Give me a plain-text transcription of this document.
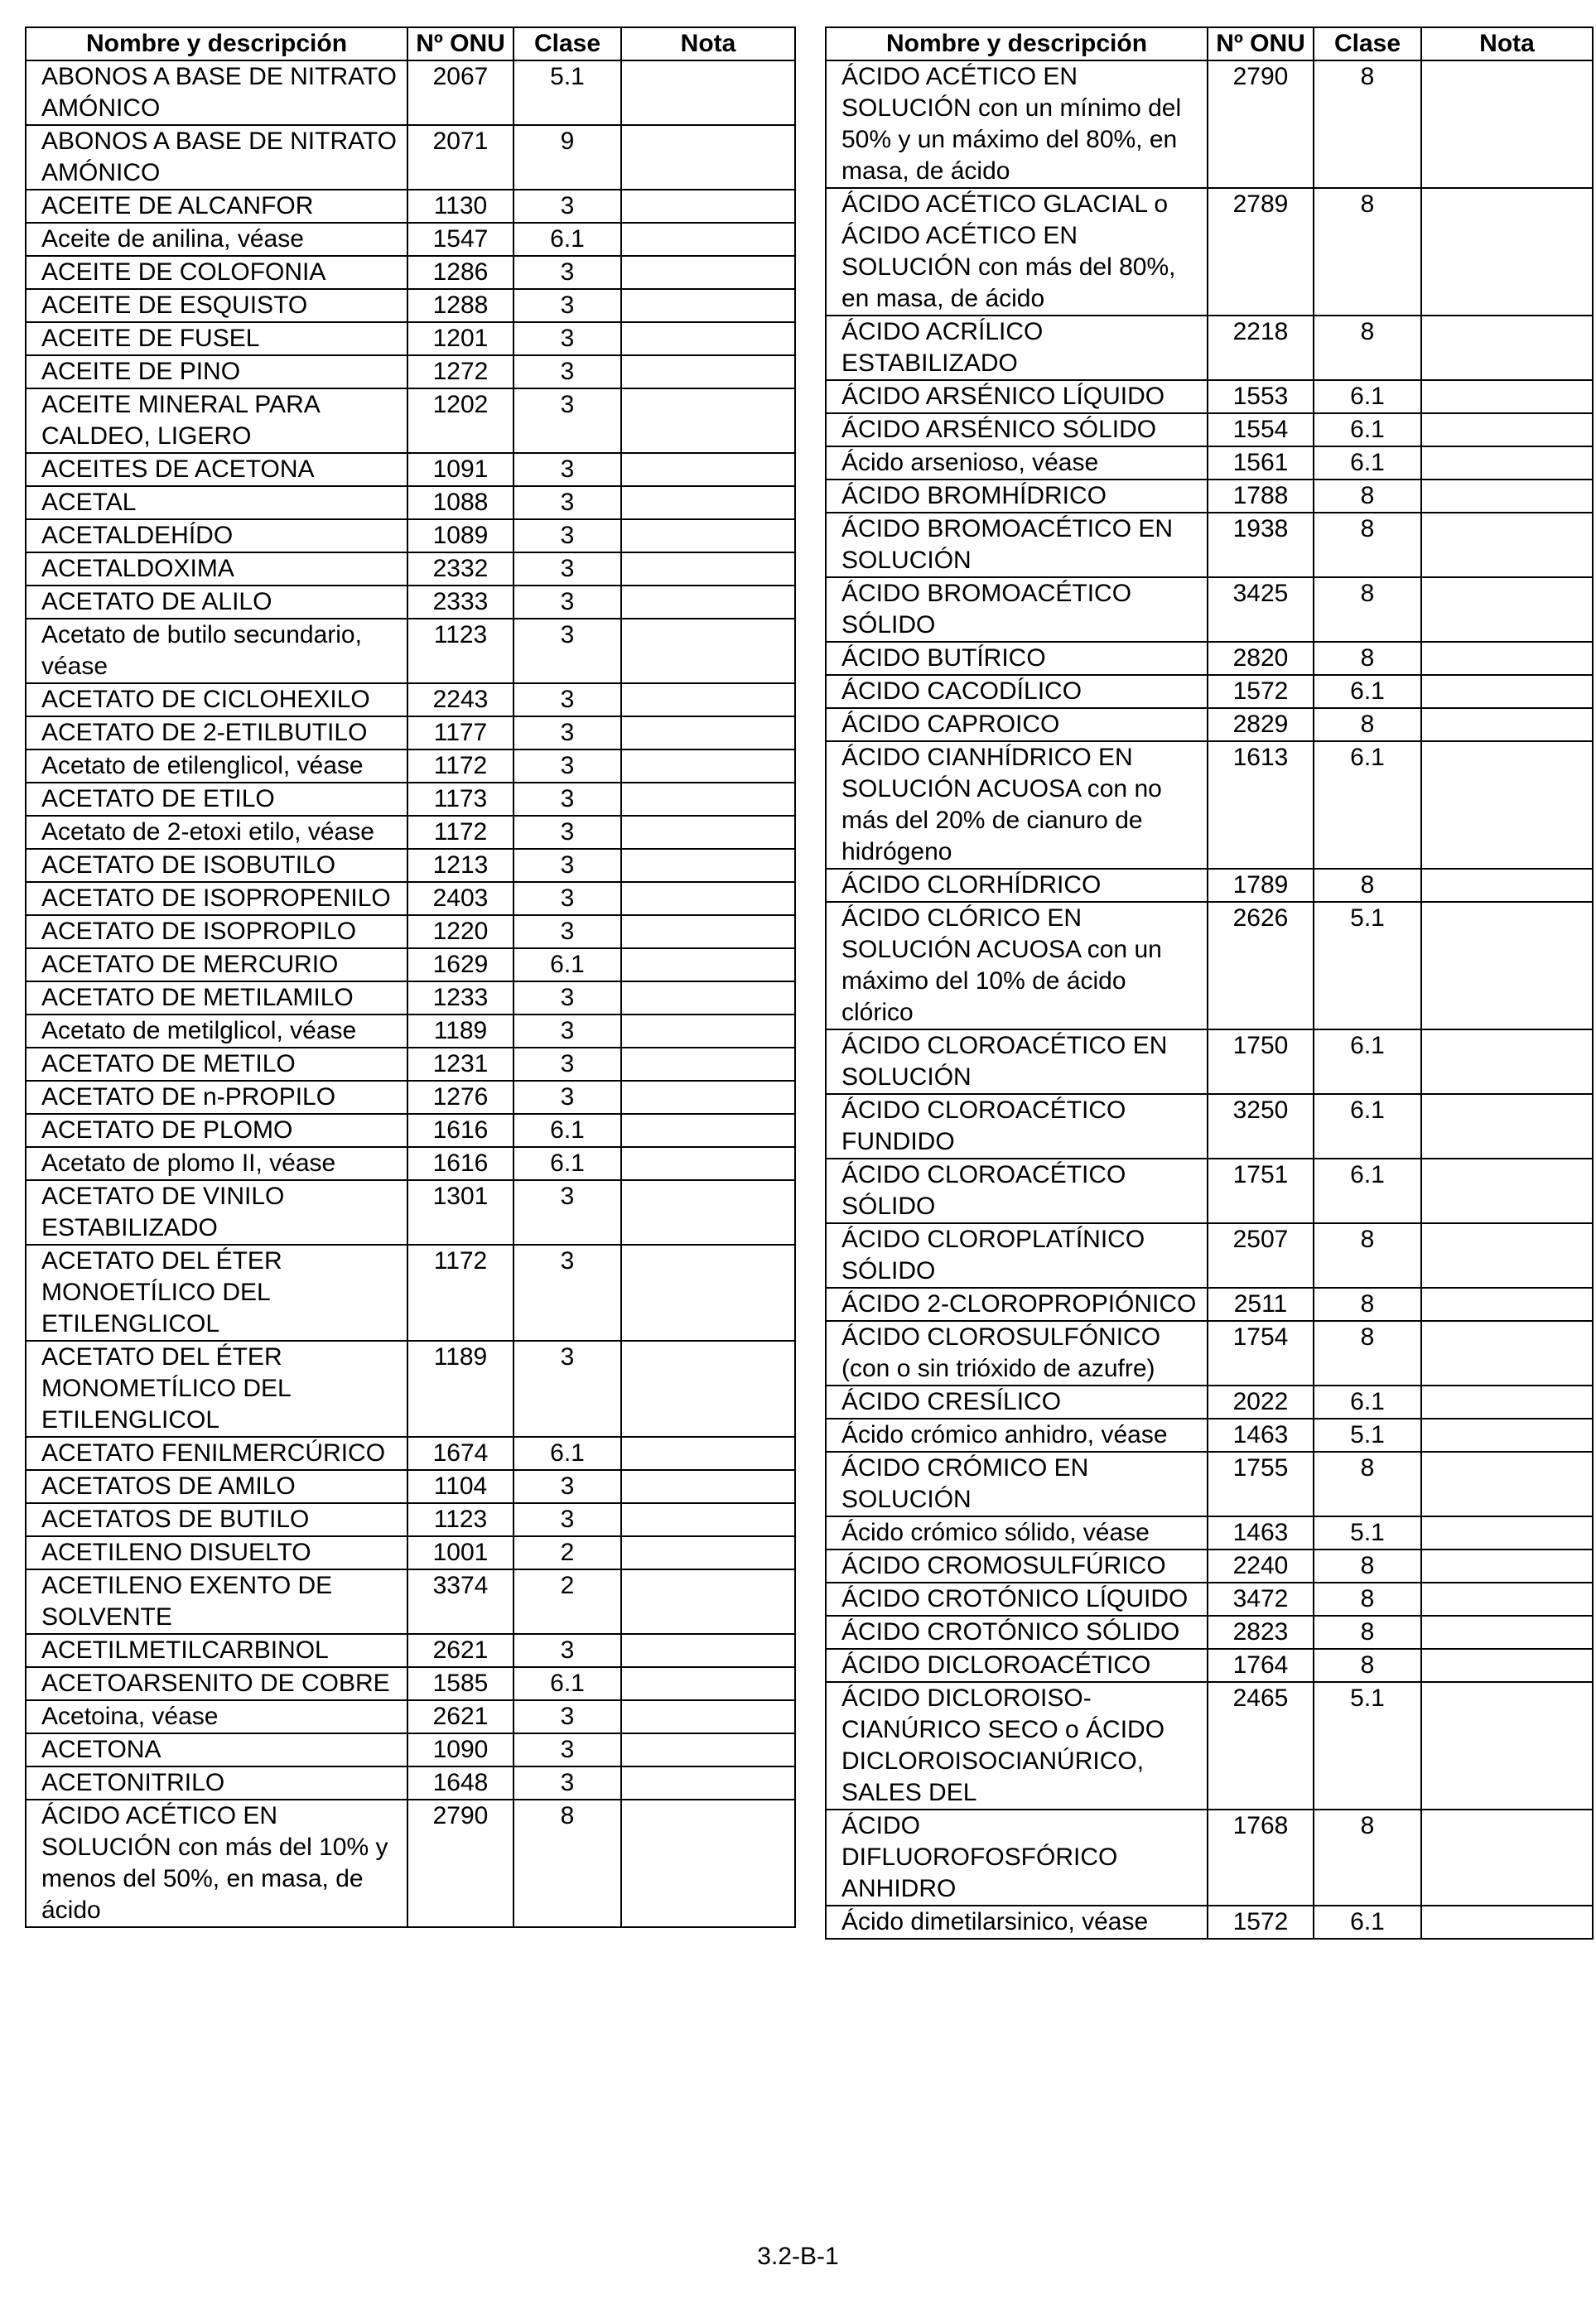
Nombre y descripción	Nº ONU	Clase	Nota
ABONOS A BASE DE NITRATO AMÓNICO	2067	5.1	
ABONOS A BASE DE NITRATO AMÓNICO	2071	9	
ACEITE DE ALCANFOR	1130	3	
Aceite de anilina, véase	1547	6.1	
ACEITE DE COLOFONIA	1286	3	
ACEITE DE ESQUISTO	1288	3	
ACEITE DE FUSEL	1201	3	
ACEITE DE PINO	1272	3	
ACEITE MINERAL PARA CALDEO, LIGERO	1202	3	
ACEITES DE ACETONA	1091	3	
ACETAL	1088	3	
ACETALDEHÍDO	1089	3	
ACETALDOXIMA	2332	3	
ACETATO DE ALILO	2333	3	
Acetato de butilo secundario, véase	1123	3	
ACETATO DE CICLOHEXILO	2243	3	
ACETATO DE 2-ETILBUTILO	1177	3	
Acetato de etilenglicol, véase	1172	3	
ACETATO DE ETILO	1173	3	
Acetato de 2-etoxi etilo, véase	1172	3	
ACETATO DE ISOBUTILO	1213	3	
ACETATO DE ISOPROPENILO	2403	3	
ACETATO DE ISOPROPILO	1220	3	
ACETATO DE MERCURIO	1629	6.1	
ACETATO DE METILAMILO	1233	3	
Acetato de metilglicol, véase	1189	3	
ACETATO DE METILO	1231	3	
ACETATO DE n-PROPILO	1276	3	
ACETATO DE PLOMO	1616	6.1	
Acetato de plomo II, véase	1616	6.1	
ACETATO DE VINILO ESTABILIZADO	1301	3	
ACETATO DEL ÉTER MONOETÍLICO DEL ETILENGLICOL	1172	3	
ACETATO DEL ÉTER MONOMETÍLICO DEL ETILENGLICOL	1189	3	
ACETATO FENILMERCÚRICO	1674	6.1	
ACETATOS DE AMILO	1104	3	
ACETATOS DE BUTILO	1123	3	
ACETILENO DISUELTO	1001	2	
ACETILENO EXENTO DE SOLVENTE	3374	2	
ACETILMETILCARBINOL	2621	3	
ACETOARSENITO DE COBRE	1585	6.1	
Acetoina, véase	2621	3	
ACETONA	1090	3	
ACETONITRILO	1648	3	
ÁCIDO ACÉTICO EN SOLUCIÓN con más del 10% y menos del 50%, en masa, de ácido	2790	8	
Nombre y descripción	Nº ONU	Clase	Nota
ÁCIDO ACÉTICO EN SOLUCIÓN con un mínimo del 50% y un máximo del 80%, en masa, de ácido	2790	8	
ÁCIDO ACÉTICO GLACIAL o ÁCIDO ACÉTICO EN SOLUCIÓN con más del 80%, en masa, de ácido	2789	8	
ÁCIDO ACRÍLICO ESTABILIZADO	2218	8	
ÁCIDO ARSÉNICO LÍQUIDO	1553	6.1	
ÁCIDO ARSÉNICO SÓLIDO	1554	6.1	
Ácido arsenioso, véase	1561	6.1	
ÁCIDO BROMHÍDRICO	1788	8	
ÁCIDO BROMOACÉTICO EN SOLUCIÓN	1938	8	
ÁCIDO BROMOACÉTICO SÓLIDO	3425	8	
ÁCIDO BUTÍRICO	2820	8	
ÁCIDO CACODÍLICO	1572	6.1	
ÁCIDO CAPROICO	2829	8	
ÁCIDO CIANHÍDRICO EN SOLUCIÓN ACUOSA con no más del 20% de cianuro de hidrógeno	1613	6.1	
ÁCIDO CLORHÍDRICO	1789	8	
ÁCIDO CLÓRICO EN SOLUCIÓN ACUOSA con un máximo del 10% de ácido clórico	2626	5.1	
ÁCIDO CLOROACÉTICO EN SOLUCIÓN	1750	6.1	
ÁCIDO CLOROACÉTICO FUNDIDO	3250	6.1	
ÁCIDO CLOROACÉTICO SÓLIDO	1751	6.1	
ÁCIDO CLOROPLATÍNICO SÓLIDO	2507	8	
ÁCIDO 2-CLOROPROPIÓNICO	2511	8	
ÁCIDO CLOROSULFÓNICO (con o sin trióxido de azufre)	1754	8	
ÁCIDO CRESÍLICO	2022	6.1	
Ácido crómico anhidro, véase	1463	5.1	
ÁCIDO CRÓMICO EN SOLUCIÓN	1755	8	
Ácido crómico sólido, véase	1463	5.1	
ÁCIDO CROMOSULFÚRICO	2240	8	
ÁCIDO CROTÓNICO LÍQUIDO	3472	8	
ÁCIDO CROTÓNICO SÓLIDO	2823	8	
ÁCIDO DICLOROACÉTICO	1764	8	
ÁCIDO DICLOROISO-CIANÚRICO SECO o ÁCIDO DICLOROISOCIANÚRICO, SALES DEL	2465	5.1	
ÁCIDO DIFLUOROFOSFÓRICO ANHIDRO	1768	8	
Ácido dimetilarsinico, véase	1572	6.1	
3.2-B-1
